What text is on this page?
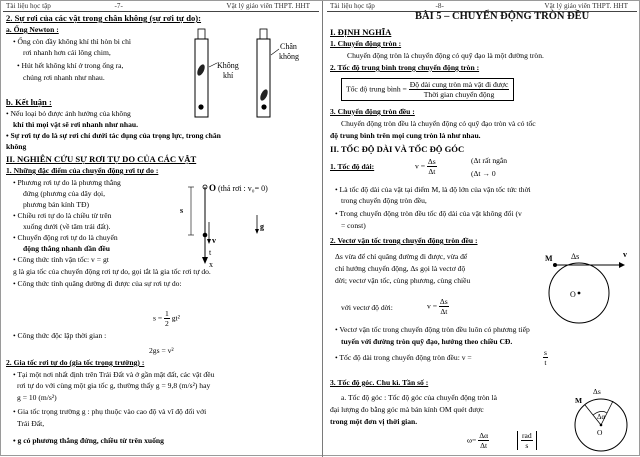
Tài liệu học tập	-7-	Vật lý giáo viên THPT. HHT
2. Sự rơi của các vật trong chân không (sự rơi tự do):
a. Ống Newton :
• Ống còn đầy không khí thì hòn bi chì
rơi nhanh hơn cái lông chim,
• Hút hết không khí ở trong ống ra,
chúng rơi nhanh như nhau.
Không
khí
Chân
không
b. Kết luận :
• Nếu loại bỏ được ảnh hưởng của không
khí thì mọi vật sẽ rơi nhanh như nhau.
• Sự rơi tự do là sự rơi chỉ dưới tác dụng của trọng lực, trong chân
không
II. NGHIÊN CỨU SỰ RƠI TỰ DO CỦA CÁC VẬT
1. Những đặc điểm của chuyển động rơi tự do :
• Phương rơi tự do là phương thẳng
đứng (phương của dây dọi,
phương bán kính TĐ)
• Chiều rơi tự do là chiều từ trên
xuống dưới (về tâm trái đất).
• Chuyển động rơi tự do là chuyển
động thẳng nhanh dần đều
• Công thức tính vận tốc: v = gt
g là gia tốc của chuyển động rơi tự do, gọi tắt là gia tốc rơi tự do.
• Công thức tính quãng đường đi được của sự rơi tự do:
O (thả rơi : v₀= 0)
s
v
g
t
x
$s = \frac{1}{2} gt^2$
• Công thức độc lập thời gian :
2gs = v²
2. Gia tốc rơi tự do (gia tốc trọng trường) :
• Tại một nơi nhất định trên Trái Đất và ở gần mặt đất, các vật đều
rơi tự do với cùng một gia tốc g, thường thấy g = 9,8 (m/s²) hay
g = 10 (m/s²)
• Gia tốc trọng trường g : phụ thuộc vào cao độ và vĩ độ đối với
Trái Đất,
• g có phương thẳng đứng, chiều từ trên xuống
Tài liệu học tập	-8-	Vật lý giáo viên THPT. HHT
BÀI 5 – CHUYỂN ĐỘNG TRÒN ĐỀU
I. ĐỊNH NGHĨA
1. Chuyển động tròn :
Chuyển động tròn là chuyển động có quỹ đạo là một đường tròn.
2. Tốc độ trung bình trong chuyển động tròn :
Tốc độ trung bình = $\frac{\text{Độ dài cung tròn mà vật đi được}}{\text{Thời gian chuyển động}}$
3. Chuyển động tròn đều :
Chuyển động tròn đều là chuyển động có quỹ đạo tròn và có tốc
độ trung bình trên mọi cung tròn là như nhau.
II. TỐC ĐỘ DÀI VÀ TỐC ĐỘ GÓC
1. Tốc độ dài:	$v = \frac{\Delta s}{\Delta t}$	(Δt rất ngắn
(Δt → 0
• Là tốc độ dài của vật tại điểm M, là độ lớn của vận tốc tức thời
trong chuyển động tròn đều,
• Trong chuyển động tròn đều tốc độ dài của vật không đổi (v
= const)
2. Vectơ vận tốc trong chuyển động tròn đều :
Δs vừa để chỉ quãng đường đi được, vừa để
chỉ hướng chuyển động, Δs gọi là vectơ độ
dời; vectơ vận tốc, cùng phương, cùng chiều
với vectơ độ dời:	$v = \frac{\Delta s}{\Delta t}$
M Δs	v
O
• Vectơ vận tốc trong chuyển động tròn đều luôn có phương tiếp
tuyến với đường tròn quỹ đạo, hướng theo chiều CĐ.
• Tốc độ dài trong chuyển động tròn đều: v =	$\frac{s}{t}$
3. Tốc độ góc. Chu kì. Tần số :
a. Tốc độ góc : Tốc độ góc của chuyển động tròn là
đại lượng đo bằng góc mà bán kính OM quét được
trong một đơn vị thời gian.
$\omega= \frac{\Delta\alpha}{\Delta t}$
	$\frac{\text{rad}}{s}$
Δs
M
Δα
O
